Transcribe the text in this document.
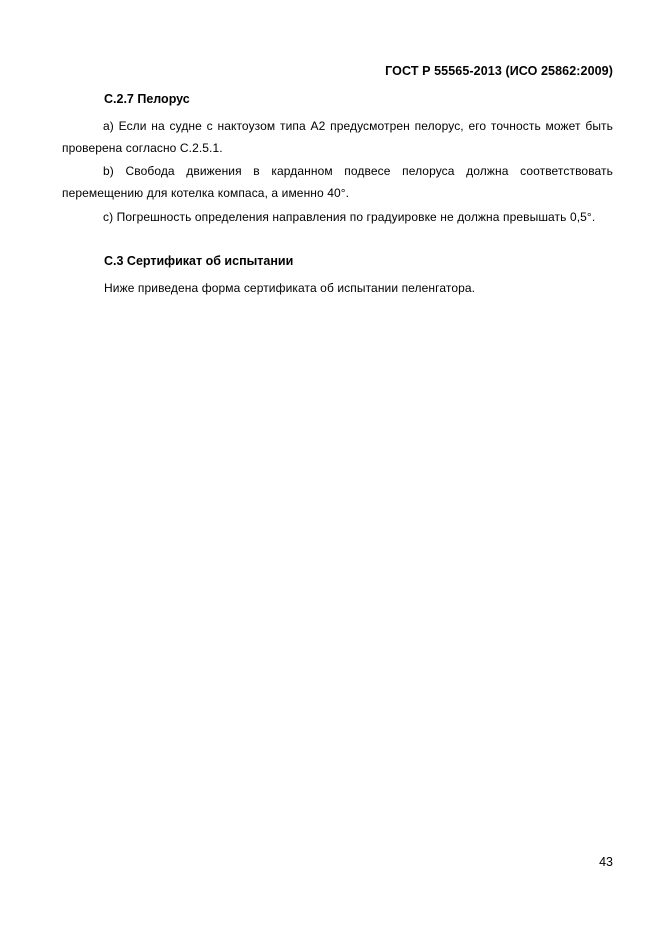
ГОСТ Р 55565-2013 (ИСО 25862:2009)
C.2.7 Пелорус
a) Если на судне с нактоузом типа А2 предусмотрен пелорус, его точность может быть проверена согласно С.2.5.1.
b) Свобода движения в карданном подвесе пелоруса должна соответствовать перемещению для котелка компаса, а именно 40°.
c) Погрешность определения направления по градуировке не должна превышать 0,5°.
С.3 Сертификат об испытании
Ниже приведена форма сертификата об испытании пеленгатора.
43
